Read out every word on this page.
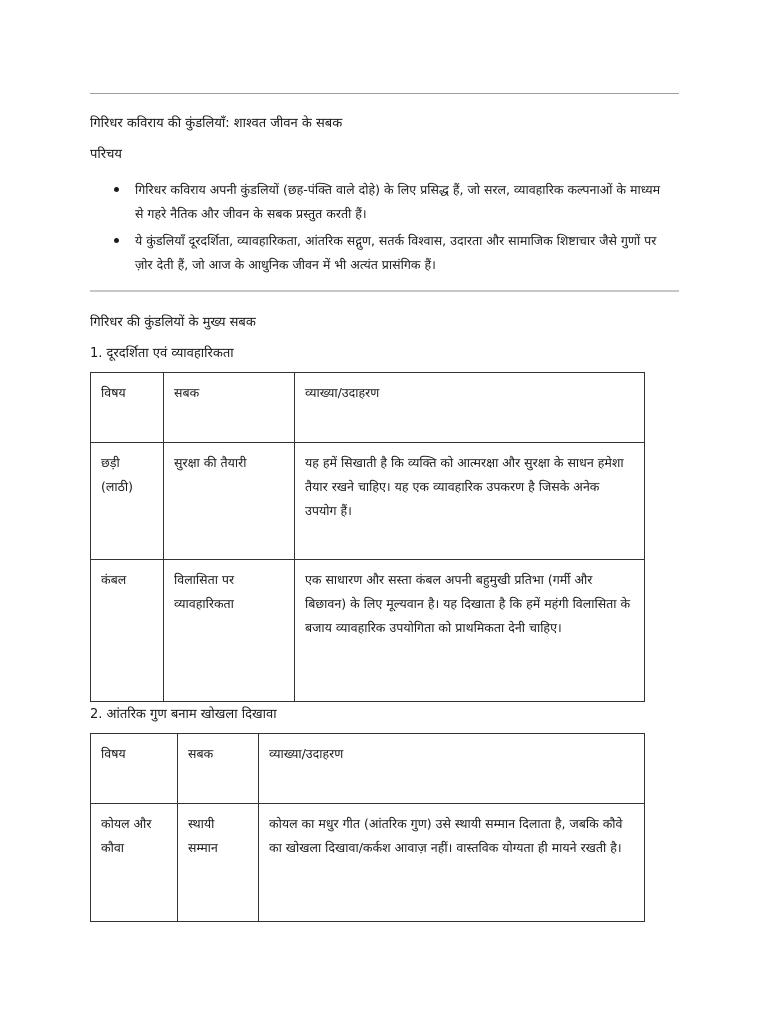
गिरिधर कविराय की कुंडलियाँ: शाश्वत जीवन के सबक
परिचय
गिरिधर कविराय अपनी कुंडलियों (छह-पंक्ति वाले दोहे) के लिए प्रसिद्ध हैं, जो सरल, व्यावहारिक कल्पनाओं के माध्यम से गहरे नैतिक और जीवन के सबक प्रस्तुत करती हैं।
ये कुंडलियाँ दूरदर्शिता, व्यावहारिकता, आंतरिक सद्गुण, सतर्क विश्वास, उदारता और सामाजिक शिष्टाचार जैसे गुणों पर ज़ोर देती हैं, जो आज के आधुनिक जीवन में भी अत्यंत प्रासंगिक हैं।
गिरिधर की कुंडलियों के मुख्य सबक
1. दूरदर्शिता एवं व्यावहारिकता
विषय	सबक	व्याख्या/उदाहरण
छड़ी (लाठी)	सुरक्षा की तैयारी	यह हमें सिखाती है कि व्यक्ति को आत्मरक्षा और सुरक्षा के साधन हमेशा तैयार रखने चाहिए। यह एक व्यावहारिक उपकरण है जिसके अनेक उपयोग हैं।
कंबल	विलासिता पर व्यावहारिकता	एक साधारण और सस्ता कंबल अपनी बहुमुखी प्रतिभा (गर्मी और बिछावन) के लिए मूल्यवान है। यह दिखाता है कि हमें महंगी विलासिता के बजाय व्यावहारिक उपयोगिता को प्राथमिकता देनी चाहिए।
2. आंतरिक गुण बनाम खोखला दिखावा
विषय	सबक	व्याख्या/उदाहरण
कोयल और कौवा	स्थायी सम्मान	कोयल का मधुर गीत (आंतरिक गुण) उसे स्थायी सम्मान दिलाता है, जबकि कौवे का खोखला दिखावा/कर्कश आवाज़ नहीं। वास्तविक योग्यता ही मायने रखती है।
